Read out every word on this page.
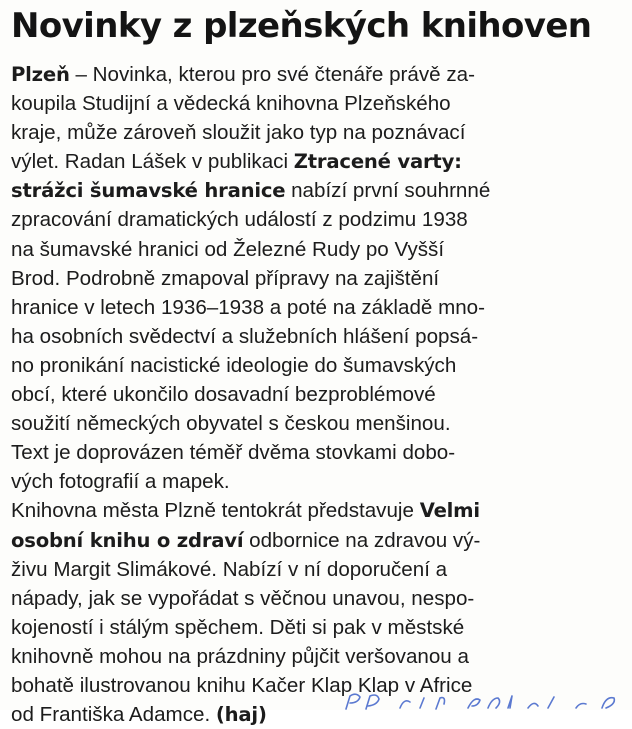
Novinky z plzeňských knihoven
Plzeň – Novinka, kterou pro své čtenáře právě za-
koupila Studijní a vědecká knihovna Plzeňského
kraje, může zároveň sloužit jako typ na poznávací
výlet. Radan Lášek v publikaci Ztracené varty:
strážci šumavské hranice nabízí první souhrnné
zpracování dramatických událostí z podzimu 1938
na šumavské hranici od Železné Rudy po Vyšší
Brod. Podrobně zmapoval přípravy na zajištění
hranice v letech 1936–1938 a poté na základě mno-
ha osobních svědectví a služebních hlášení popsá-
no pronikání nacistické ideologie do šumavských
obcí, které ukončilo dosavadní bezproblémové
soužití německých obyvatel s českou menšinou.
Text je doprovázen téměř dvěma stovkami dobo-
vých fotografií a mapek.
Knihovna města Plzně tentokrát představuje Velmi
osobní knihu o zdraví odbornice na zdravou vý-
živu Margit Slimákové. Nabízí v ní doporučení a
nápady, jak se vypořádat s věčnou unavou, nespo-
kojeností i stálým spěchem. Děti si pak v městské
knihovně mohou na prázdniny půjčit veršovanou a
bohatě ilustrovanou knihu Kačer Klap Klap v Africe
od Františka Adamce. (haj)
